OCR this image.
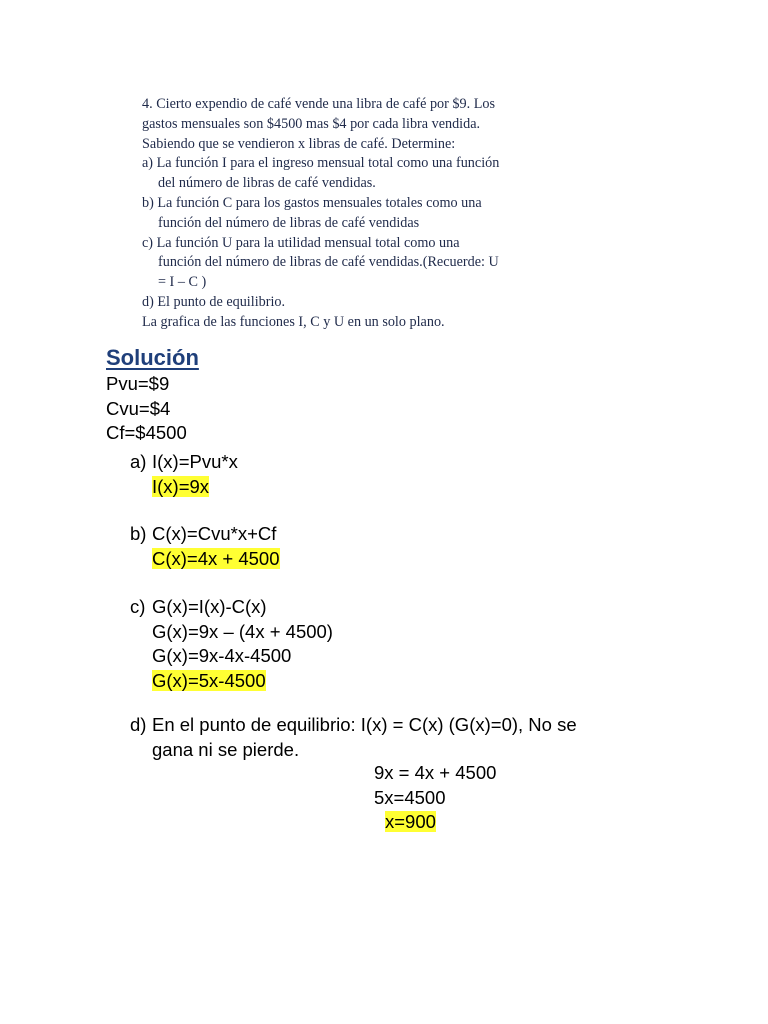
4. Cierto expendio de café vende una libra de café por $9. Los
gastos mensuales son $4500 mas $4 por cada libra vendida.
Sabiendo que se vendieron x libras de café. Determine:
a) La función I para el ingreso mensual total como una función
del número de libras de café vendidas.
b) La función C para los gastos mensuales totales como una
función del número de libras de café vendidas
c) La función U para la utilidad mensual total como una
función del número de libras de café vendidas.(Recuerde: U
= I – C )
d) El punto de equilibrio.
La grafica de las funciones I, C y U en un solo plano.
Solución
Pvu=$9
Cvu=$4
Cf=$4500
a) I(x)=Pvu*x
I(x)=9x
b) C(x)=Cvu*x+Cf
C(x)=4x + 4500
c) G(x)=I(x)-C(x)
G(x)=9x – (4x + 4500)
G(x)=9x-4x-4500
G(x)=5x-4500
d) En el punto de equilibrio: I(x) = C(x) (G(x)=0), No se
gana ni se pierde.
9x = 4x + 4500
5x=4500
x=900
